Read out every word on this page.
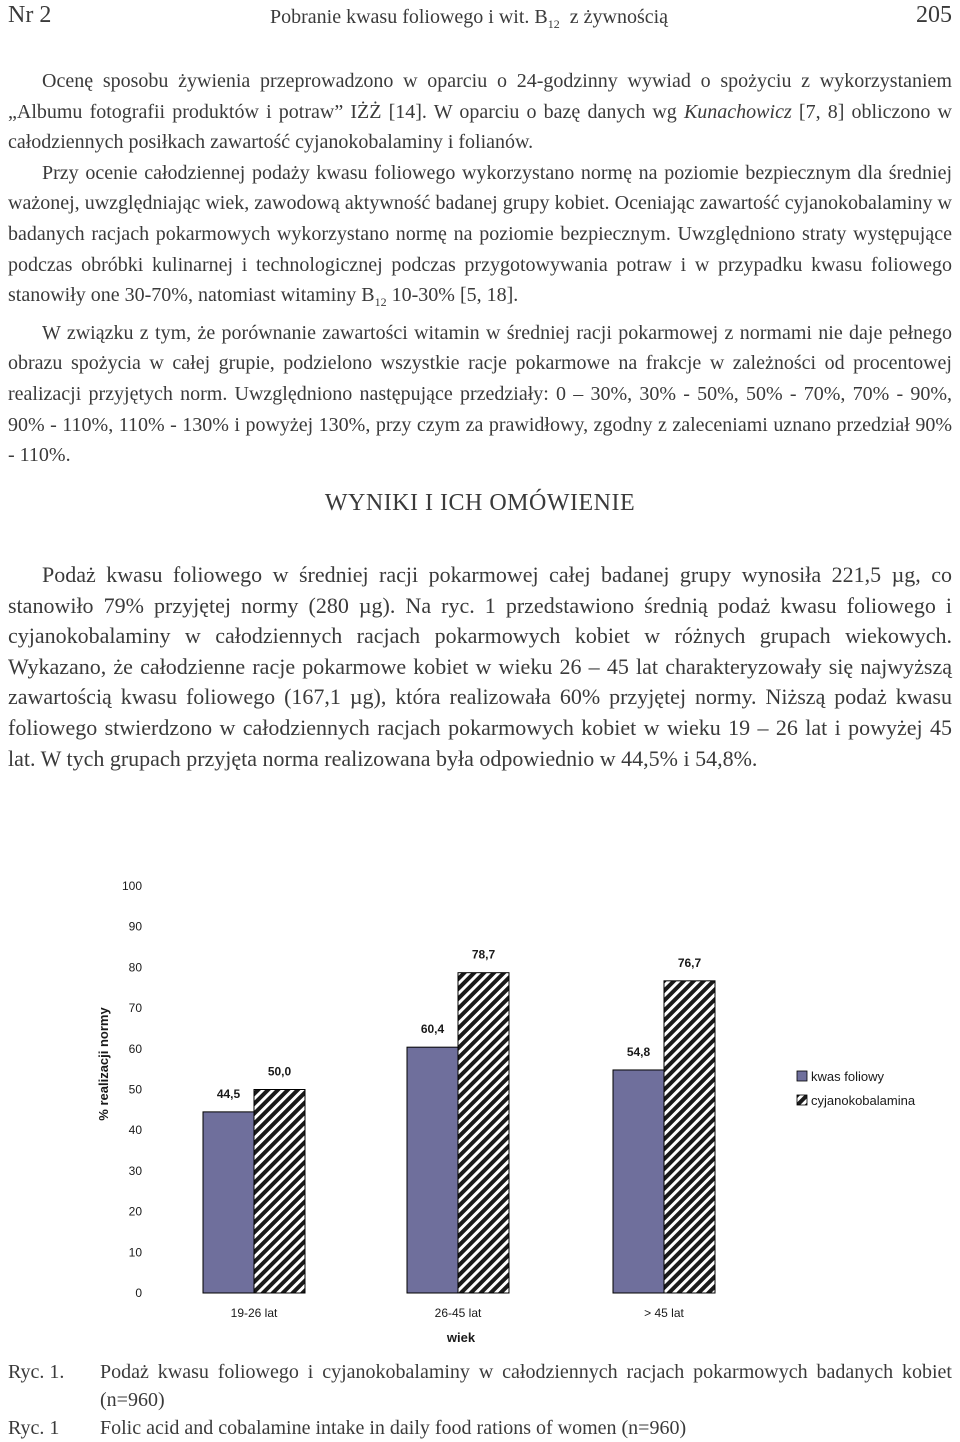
Nr 2	Pobranie kwasu foliowego i wit. $B_{12}$ z żywnością	205
Ocenę sposobu żywienia przeprowadzono w oparciu o 24-godzinny wywiad o spożyciu z wykorzystaniem „Albumu fotografii produktów i potraw” IŻŻ [14]. W oparciu o bazę danych wg Kunachowicz [7, 8] obliczono w całodziennych posiłkach zawartość cyjanokobalaminy i folianów.
Przy ocenie całodziennej podaży kwasu foliowego wykorzystano normę na poziomie bezpiecznym dla średniej ważonej, uwzględniając wiek, zawodową aktywność badanej grupy kobiet. Oceniając zawartość cyjanokobalaminy w badanych racjach pokarmowych wykorzystano normę na poziomie bezpiecznym. Uwzględniono straty występujące podczas obróbki kulinarnej i technologicznej podczas przygotowywania potraw i w przypadku kwasu foliowego stanowiły one 30-70%, natomiast witaminy $B_{12}$ 10-30% [5, 18].
W związku z tym, że porównanie zawartości witamin w średniej racji pokarmowej z normami nie daje pełnego obrazu spożycia w całej grupie, podzielono wszystkie racje pokarmowe na frakcje w zależności od procentowej realizacji przyjętych norm. Uwzględniono następujące przedziały: 0 – 30%, 30% - 50%, 50% - 70%, 70% - 90%, 90% - 110%, 110% - 130% i powyżej 130%, przy czym za prawidłowy, zgodny z zaleceniami uznano przedział 90% - 110%.
WYNIKI I ICH OMÓWIENIE
Podaż kwasu foliowego w średniej racji pokarmowej całej badanej grupy wynosiła 221,5 µg, co stanowiło 79% przyjętej normy (280 µg). Na ryc. 1 przedstawiono średnią podaż kwasu foliowego i cyjanokobalaminy w całodziennych racjach pokarmowych kobiet w różnych grupach wiekowych. Wykazano, że całodzienne racje pokarmowe kobiet w wieku 26 – 45 lat charakteryzowały się najwyższą zawartością kwasu foliowego (167,1 µg), która realizowała 60% przyjętej normy. Niższą podaż kwasu foliowego stwierdzono w całodziennych racjach pokarmowych kobiet w wieku 19 – 26 lat i powyżej 45 lat. W tych grupach przyjęta norma realizowana była odpowiednio w 44,5% i 54,8%.
0
10
20
30
40
50
60
70
80
90
100
44,5
50,0
60,4
78,7
54,8
76,7
19-26 lat	26-45 lat	> 45 lat
wiek
% realizacji normy	kwas foliowy
cyjanokobalamina
Ryc. 1. Podaż kwasu foliowego i cyjanokobalaminy w całodziennych racjach pokarmowych badanych kobiet (n=960)
Ryc. 1 Folic acid and cobalamine intake in daily food rations of women (n=960)
